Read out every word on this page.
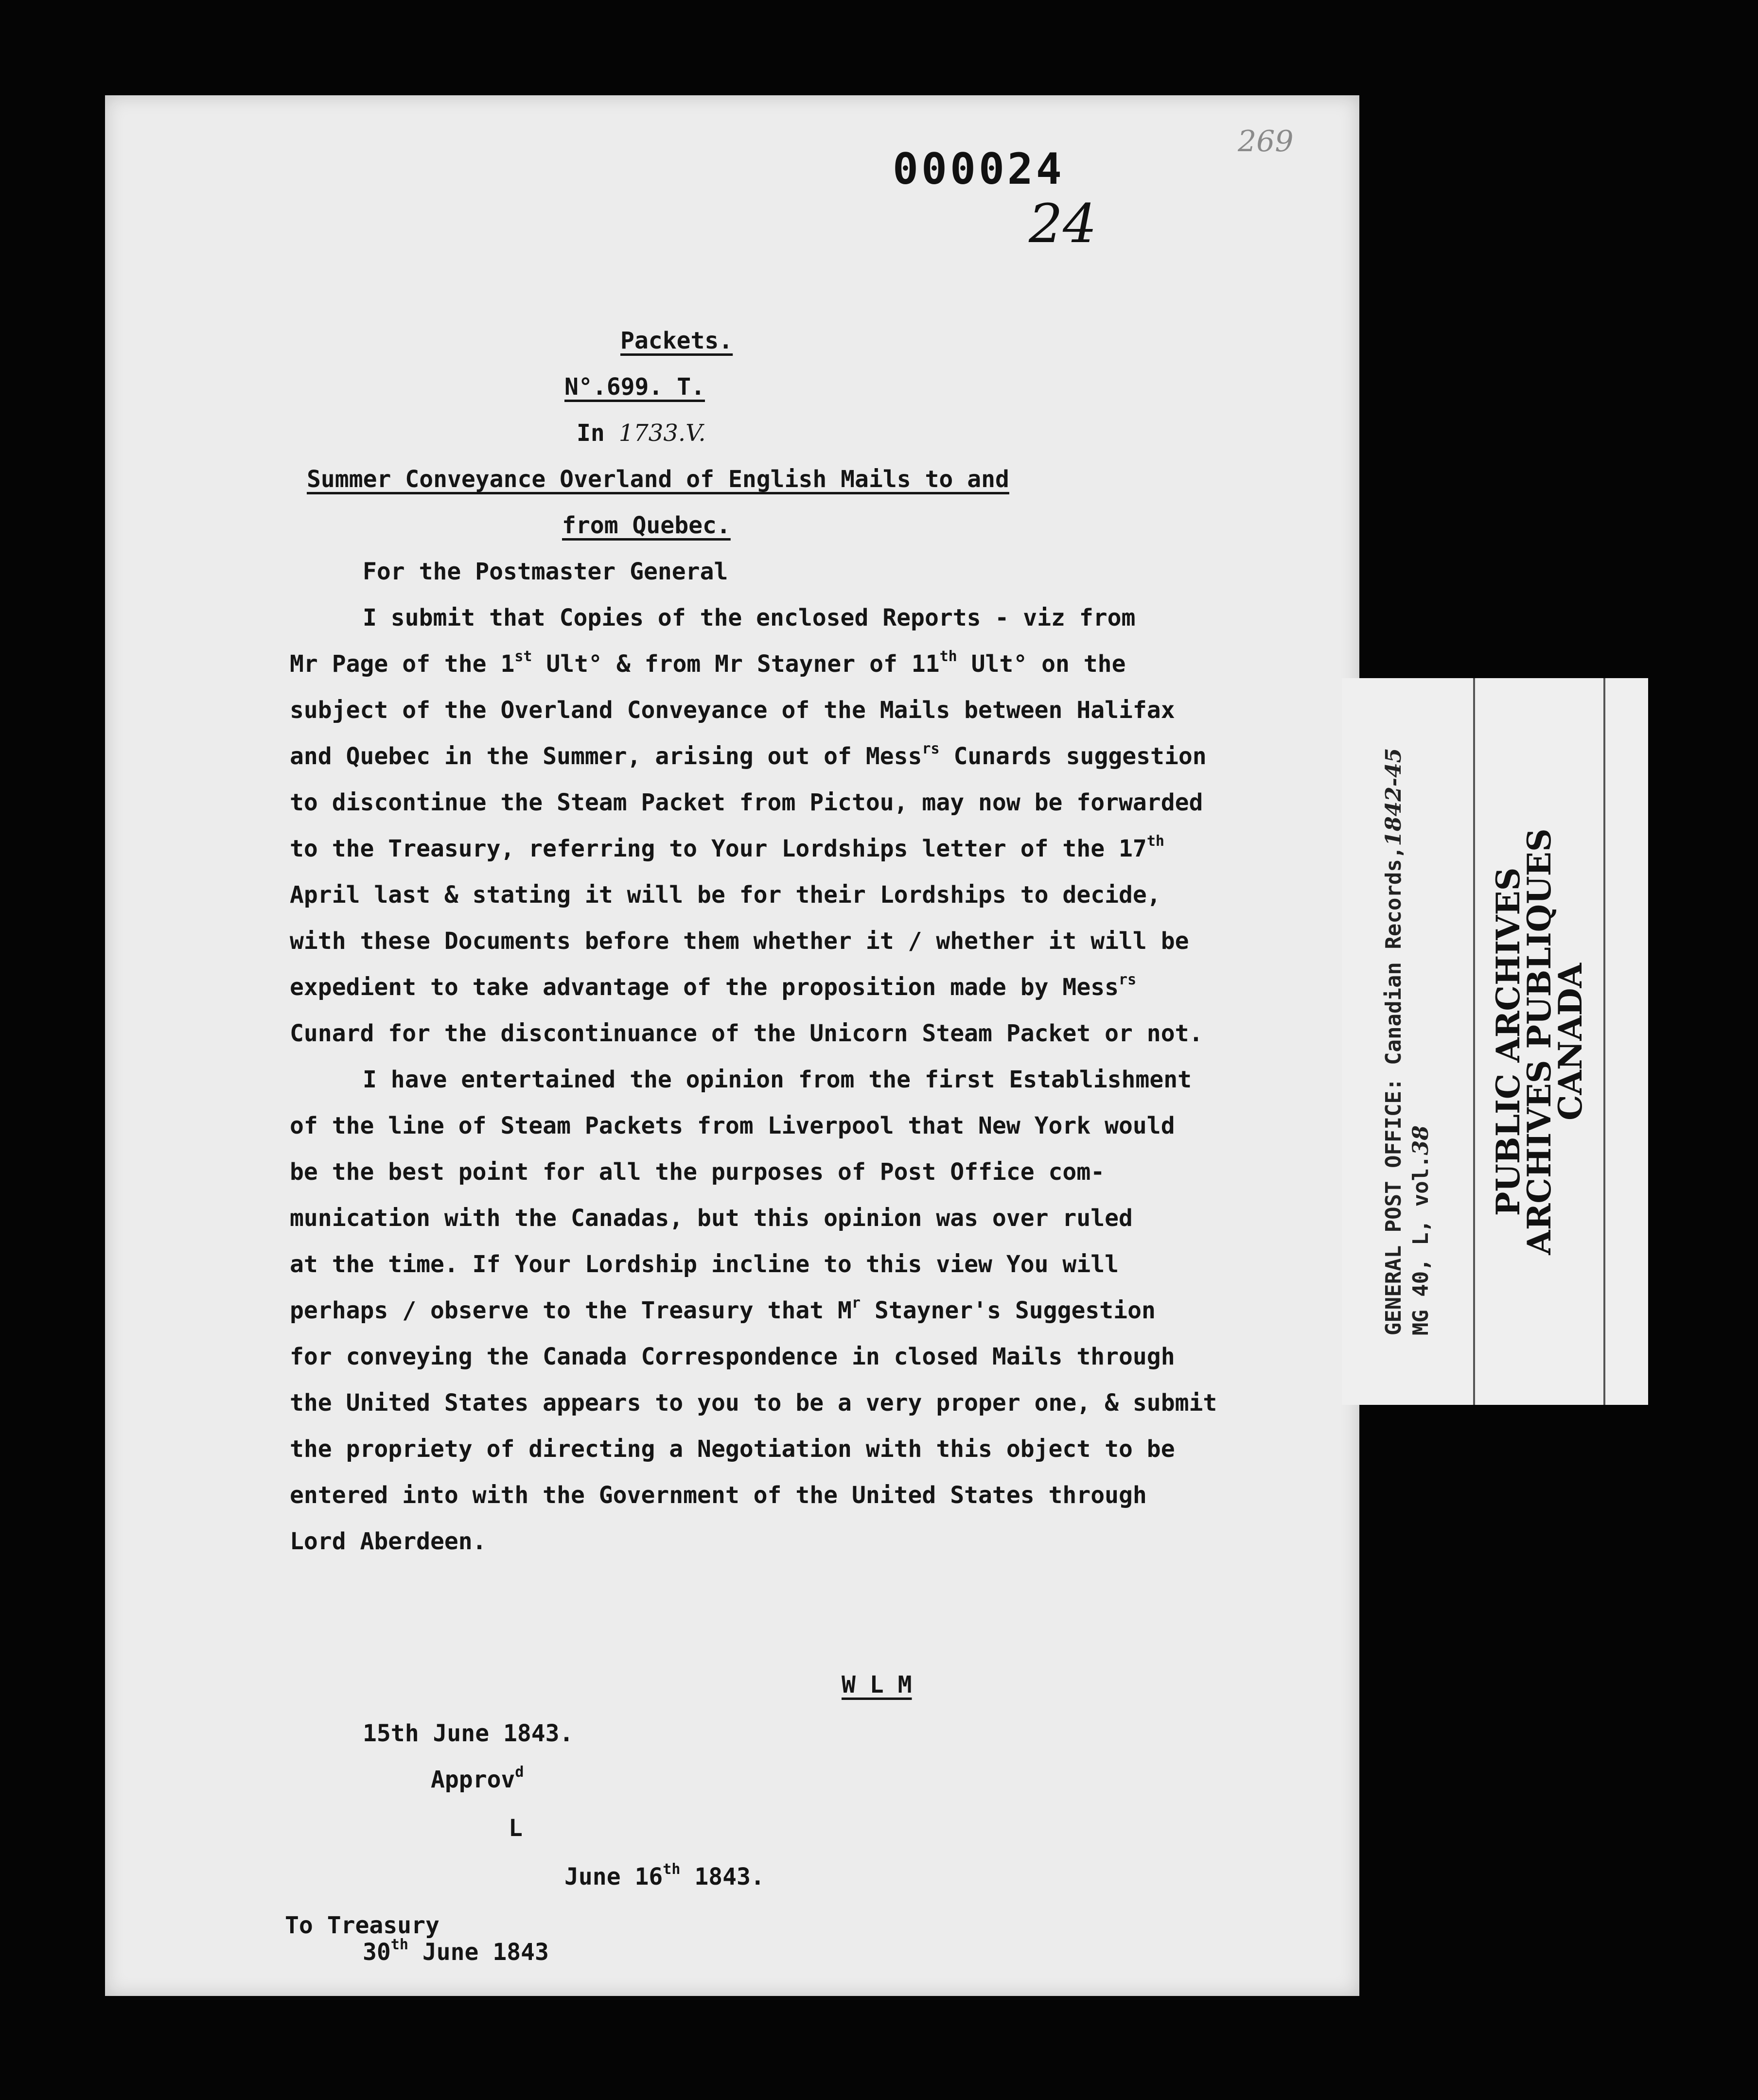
269
000024
24
Packets.
N°.699. T.
In 1733.V.
Summer Conveyance Overland of English Mails to and
from Quebec.
For the Postmaster General
I submit that Copies of the enclosed Reports - viz from
Mr Page of the 1st Ult° & from Mr Stayner of 11th Ult° on the
subject of the Overland Conveyance of the Mails between Halifax
and Quebec in the Summer, arising out of Mess$^{rs}$ Cunards suggestion
to discontinue the Steam Packet from Pictou, may now be forwarded
to the Treasury, referring to Your Lordships letter of the 17th
April last & stating it will be for their Lordships to decide,
with these Documents before them whether it / whether it will be
expedient to take advantage of the proposition made by Mess$^{rs}$
Cunard for the discontinuance of the Unicorn Steam Packet or not.
I have entertained the opinion from the first Establishment
of the line of Steam Packets from Liverpool that New York would
be the best point for all the purposes of Post Office com-
munication with the Canadas, but this opinion was over ruled
at the time. If Your Lordship incline to this view You will
perhaps / observe to the Treasury that $M^r$ Stayner's Suggestion
for conveying the Canada Correspondence in closed Mails through
the United States appears to you to be a very proper one, & submit
the propriety of directing a Negotiation with this object to be
entered into with the Government of the United States through
Lord Aberdeen.
W L M
15th June 1843.
Approv$^d$
L
June 16th 1843.
To Treasury
30th June 1843
GENERAL POST OFFICE: Canadian Records,1842-45
MG 40, L, vol.38 PUBLIC ARCHIVES
ARCHIVES PUBLIQUES
CANADA
